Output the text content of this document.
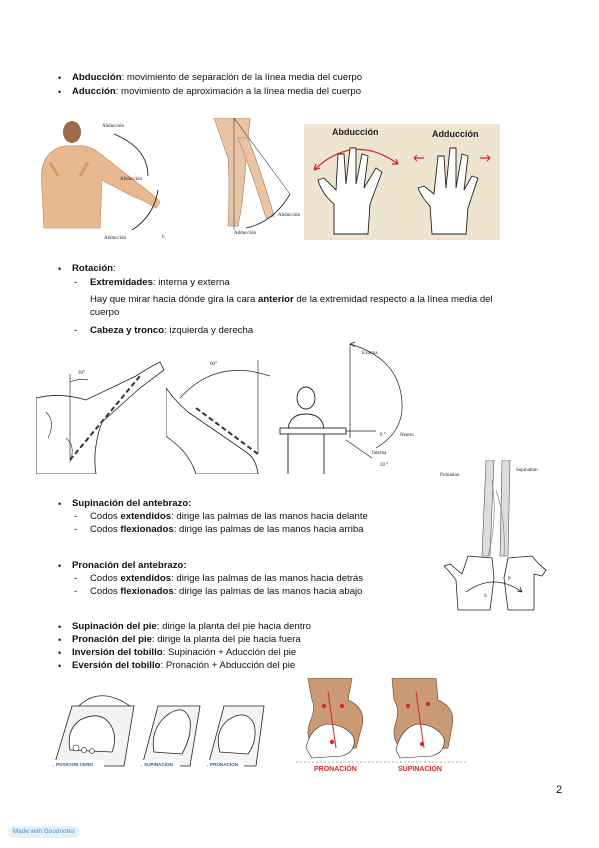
• Abducción: movimiento de separación de la línea media del cuerpo
• Aducción: movimiento de aproximación a la línea media del cuerpo
Abducción
Abducción
Abducción	b
Abducción
Adducción
Abducción	Adducción
• Rotación:
- Extremidades: interna y externa
Hay que mirar hacia dónde gira la cara anterior de la extremidad respecto a la línea media del
cuerpo
- Cabeza y tronco: izquierda y derecha
30°
60°
Externa
0 °	Neutro
Interna
20 °
Pronation
Supination
P
S
• Supinación del antebrazo:
- Codos extendidos: dirige las palmas de las manos hacia delante
- Codos flexionados: dirige las palmas de las manos hacia arriba
• Pronación del antebrazo:
- Codos extendidos: dirige las palmas de las manos hacia detrás
- Codos flexionados: dirige las palmas de las manos hacia abajo
• Supinación del pie: dirige la planta del pie hacia dentro
• Pronación del pie: dirige la planta del pie hacia fuera
• Inversión del tobillo: Supinación + Aducción del pie
• Eversión del tobillo: Pronación + Abducción del pie
POSICION CERO	SUPINACION	PRONACION
PRONACIÓN	SUPINACIÓN
2
Made with Goodnotes
